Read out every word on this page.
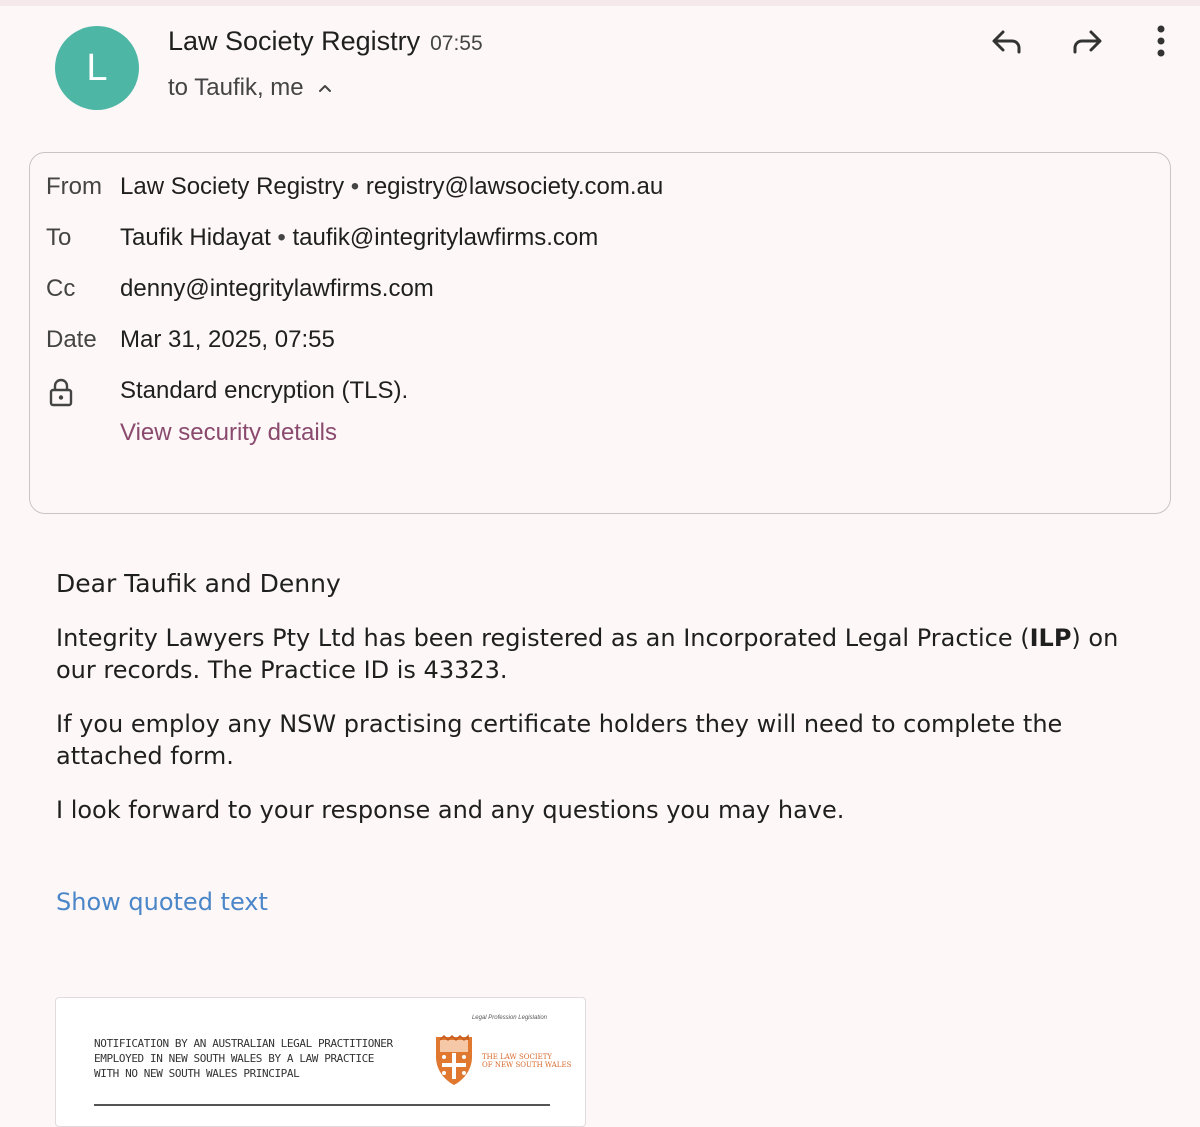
L
Law Society Registry 07:55
to Taufik, me
From Law Society Registry • registry@lawsociety.com.au
To	Taufik Hidayat • taufik@integritylawfirms.com
Cc	denny@integritylawfirms.com
Date Mar 31, 2025, 07:55
Standard encryption (TLS).
View security details

Dear Taufik and Denny

Integrity Lawyers Pty Ltd has been registered as an Incorporated Legal Practice (ILP) on our records. The Practice ID is 43323.

If you employ any NSW practising certificate holders they will need to complete the attached form.

I look forward to your response and any questions you may have.

Show quoted text
Legal Profession Legislation
NOTIFICATION BY AN AUSTRALIAN LEGAL PRACTITIONER
EMPLOYED IN NEW SOUTH WALES BY A LAW PRACTICE
WITH NO NEW SOUTH WALES PRINCIPAL
THE LAW SOCIETY
OF NEW SOUTH WALES
